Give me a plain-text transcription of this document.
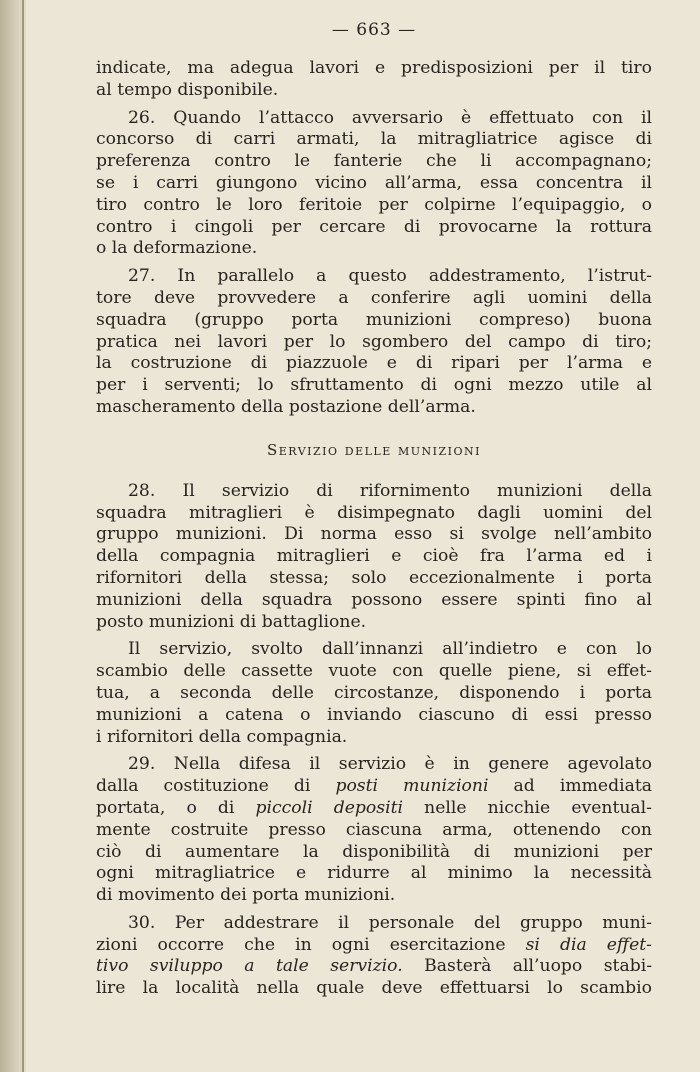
— 663 —

indicate, ma adegua lavori e predisposizioni per il tiro
al tempo disponibile.
26. Quando l’attacco avversario è effettuato con il
concorso di carri armati, la mitragliatrice agisce di
preferenza contro le fanterie che li accompagnano;
se i carri giungono vicino all’arma, essa concentra il
tiro contro le loro feritoie per colpirne l’equipaggio, o
contro i cingoli per cercare di provocarne la rottura
o la deformazione.
27. In parallelo a questo addestramento, l’istrut-
tore deve provvedere a conferire agli uomini della
squadra (gruppo porta munizioni compreso) buona
pratica nei lavori per lo sgombero del campo di tiro;
la costruzione di piazzuole e di ripari per l’arma e
per i serventi; lo sfruttamento di ogni mezzo utile al
mascheramento della postazione dell’arma.

Servizio delle munizioni

28. Il servizio di rifornimento munizioni della
squadra mitraglieri è disimpegnato dagli uomini del
gruppo munizioni. Di norma esso si svolge nell’ambito
della compagnia mitraglieri e cioè fra l’arma ed i
rifornitori della stessa; solo eccezionalmente i porta
munizioni della squadra possono essere spinti fino al
posto munizioni di battaglione.
Il servizio, svolto dall’innanzi all’indietro e con lo
scambio delle cassette vuote con quelle piene, si effet-
tua, a seconda delle circostanze, disponendo i porta
munizioni a catena o inviando ciascuno di essi presso
i rifornitori della compagnia.
29. Nella difesa il servizio è in genere agevolato
dalla costituzione di posti munizioni ad immediata
portata, o di piccoli depositi nelle nicchie eventual-
mente costruite presso ciascuna arma, ottenendo con
ciò di aumentare la disponibilità di munizioni per
ogni mitragliatrice e ridurre al minimo la necessità
di movimento dei porta munizioni.
30. Per addestrare il personale del gruppo muni-
zioni occorre che in ogni esercitazione si dia effet-
tivo sviluppo a tale servizio. Basterà all’uopo stabi-
lire la località nella quale deve effettuarsi lo scambio
